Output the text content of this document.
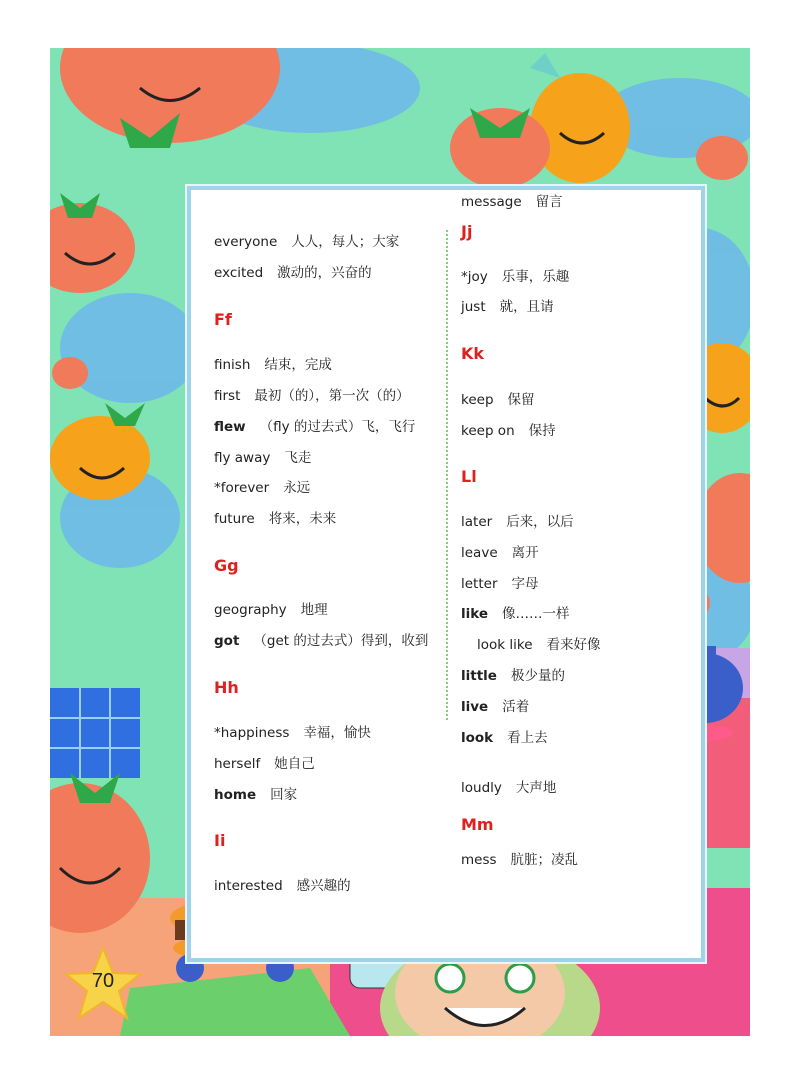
everyone 人人，每人；大家
excited 激动的，兴奋的
Ff
finish 结束，完成
first 最初（的），第一次（的）
flew （fly 的过去式）飞，飞行
fly away 飞走
*forever 永远
future 将来，未来
Gg
geography 地理
got （get 的过去式）得到，收到
Hh
*happiness 幸福，愉快
herself 她自己
home 回家
Ii
interested 感兴趣的
Jj
*joy 乐事，乐趣
just 就，且请
Kk
keep 保留
keep on 保持
Ll
later 后来，以后
leave 离开
letter 字母
like 像……一样
look like 看来好像
little 极少量的
live 活着
look 看上去
loudly 大声地
Mm
mess 肮脏；凌乱
message 留言
70
